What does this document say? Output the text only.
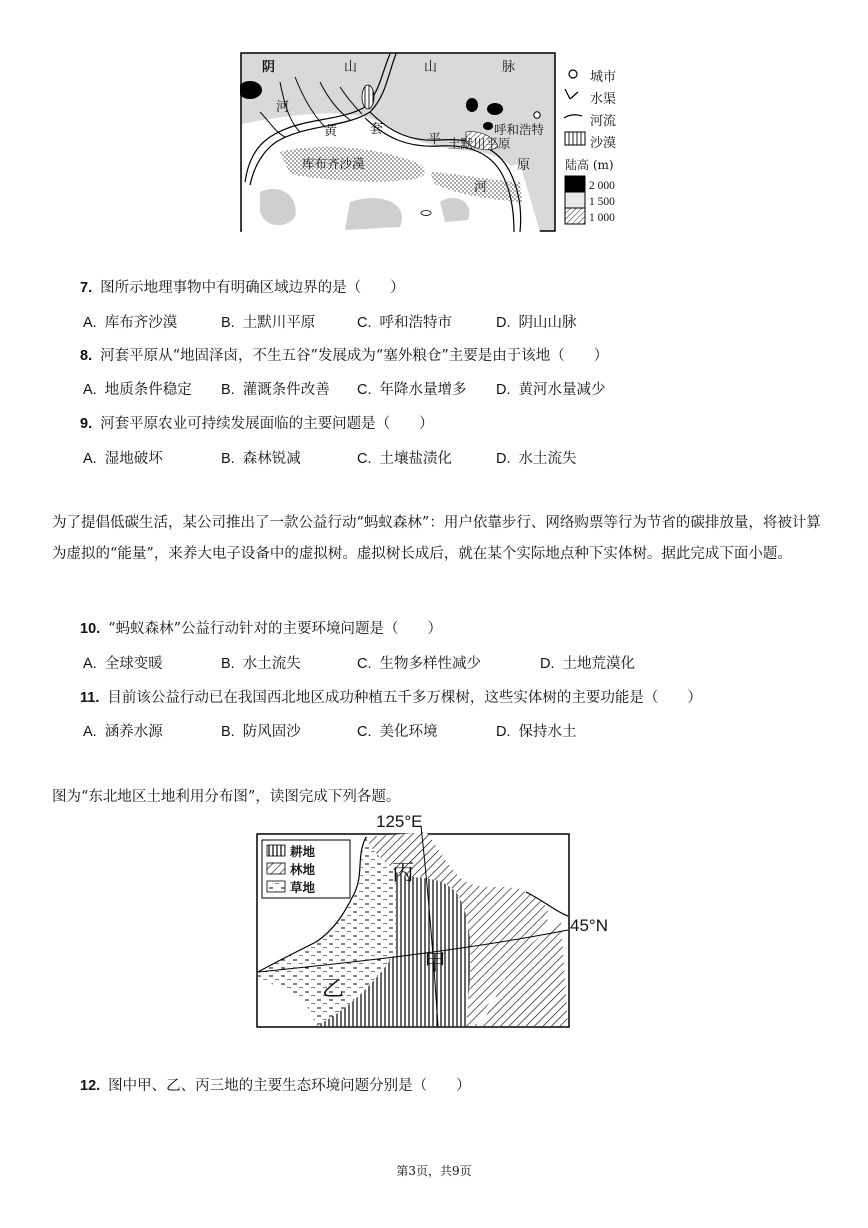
阴	山	山	脉
河
黄	套
平
原
河
呼和浩特
土默川平原
库布齐沙漠
城市
水渠
河流
沙漠
陆高 (m)
2 000
1 500
1 000
7. 图所示地理事物中有明确区域边界的是（　　）
A. 库布齐沙漠	B. 土默川平原	C. 呼和浩特市	D. 阴山山脉
8. 河套平原从“地固泽卤，不生五谷”发展成为“塞外粮仓”主要是由于该地（　　）
A. 地质条件稳定 B. 灌溉条件改善 C. 年降水量增多 D. 黄河水量减少
9. 河套平原农业可持续发展面临的主要问题是（　　）
A. 湿地破坏	B. 森林锐减	C. 土壤盐渍化	D. 水土流失
为了提倡低碳生活，某公司推出了一款公益行动“蚂蚁森林”：用户依靠步行、网络购票等行为节省的碳排放量，将被计算为虚拟的“能量”，来养大电子设备中的虚拟树。虚拟树长成后，就在某个实际地点种下实体树。据此完成下面小题。
10. “蚂蚁森林”公益行动针对的主要环境问题是（　　）
A. 全球变暖	B. 水土流失	C. 生物多样性减少	D. 土地荒漠化
11. 目前该公益行动已在我国西北地区成功种植五千多万棵树，这些实体树的主要功能是（　　）
A. 涵养水源	B. 防风固沙	C. 美化环境	D. 保持水土
图为“东北地区土地利用分布图”，读图完成下列各题。
耕地
林地
草地
125°E
45°N
丙
乙
甲
12. 图中甲、乙、丙三地的主要生态环境问题分别是（　　）
第3页，共9页
